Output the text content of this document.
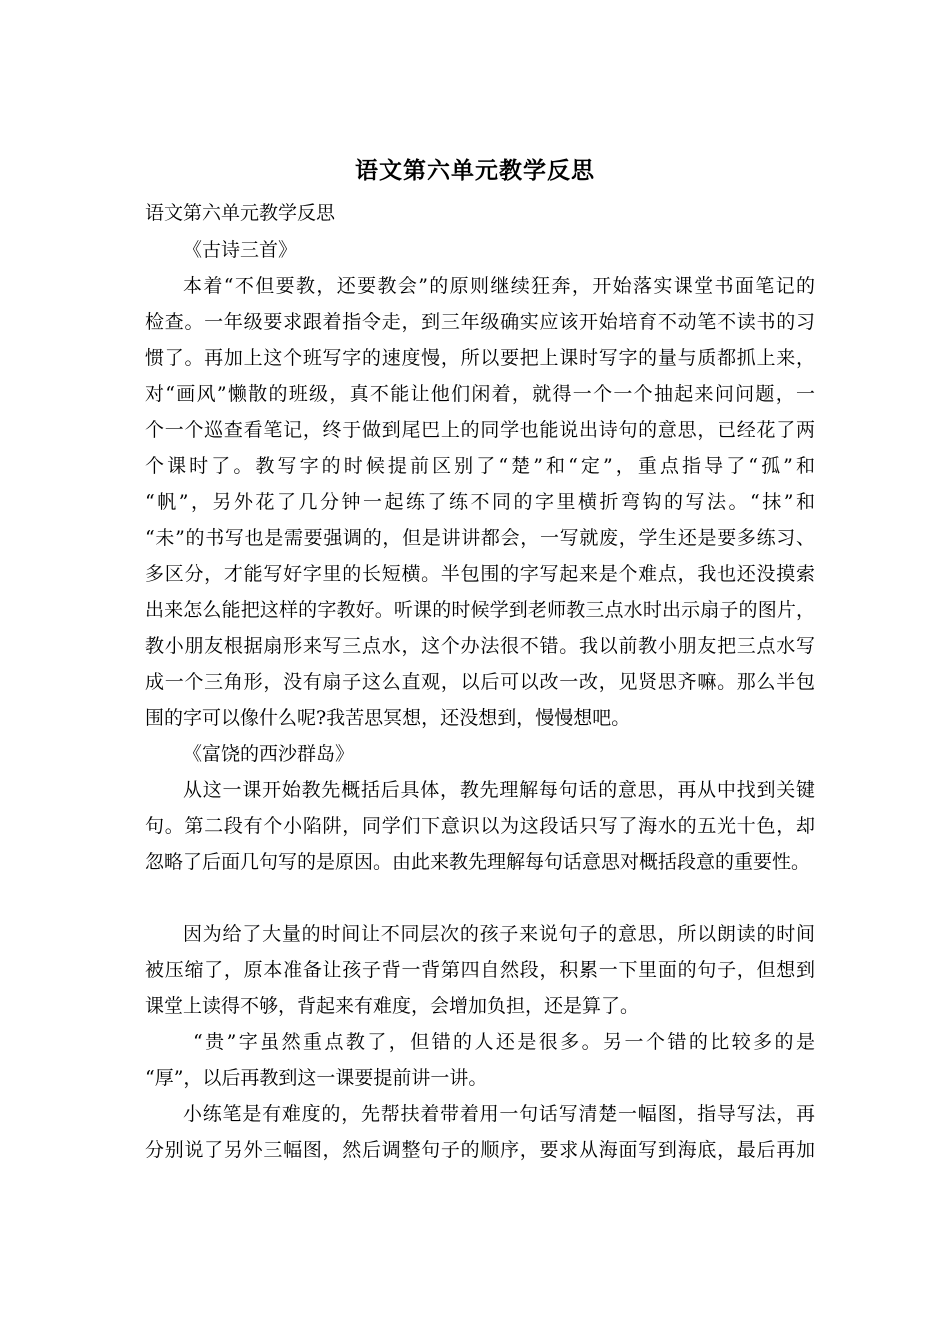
语文第六单元教学反思

语文第六单元教学反思

《古诗三首》

本着“不但要教，还要教会”的原则继续狂奔，开始落实课堂书面笔记的

检查。一年级要求跟着指令走，到三年级确实应该开始培育不动笔不读书的习

惯了。再加上这个班写字的速度慢，所以要把上课时写字的量与质都抓上来，

对“画风”懒散的班级，真不能让他们闲着，就得一个一个抽起来问问题，一

个一个巡查看笔记，终于做到尾巴上的同学也能说出诗句的意思，已经花了两

个课时了。教写字的时候提前区别了“楚”和“定”，重点指导了“孤”和

“帆”，另外花了几分钟一起练了练不同的字里横折弯钩的写法。“抹”和

“未”的书写也是需要强调的，但是讲讲都会，一写就废，学生还是要多练习、

多区分，才能写好字里的长短横。半包围的字写起来是个难点，我也还没摸索

出来怎么能把这样的字教好。听课的时候学到老师教三点水时出示扇子的图片，

教小朋友根据扇形来写三点水，这个办法很不错。我以前教小朋友把三点水写

成一个三角形，没有扇子这么直观，以后可以改一改，见贤思齐嘛。那么半包

围的字可以像什么呢?我苦思冥想，还没想到，慢慢想吧。

《富饶的西沙群岛》

从这一课开始教先概括后具体，教先理解每句话的意思，再从中找到关键

句。第二段有个小陷阱，同学们下意识以为这段话只写了海水的五光十色，却

忽略了后面几句写的是原因。由此来教先理解每句话意思对概括段意的重要性。

因为给了大量的时间让不同层次的孩子来说句子的意思，所以朗读的时间

被压缩了，原本准备让孩子背一背第四自然段，积累一下里面的句子，但想到

课堂上读得不够，背起来有难度，会增加负担，还是算了。

“贵”字虽然重点教了，但错的人还是很多。另一个错的比较多的是

“厚”，以后再教到这一课要提前讲一讲。

小练笔是有难度的，先帮扶着带着用一句话写清楚一幅图，指导写法，再

分别说了另外三幅图，然后调整句子的顺序，要求从海面写到海底，最后再加
